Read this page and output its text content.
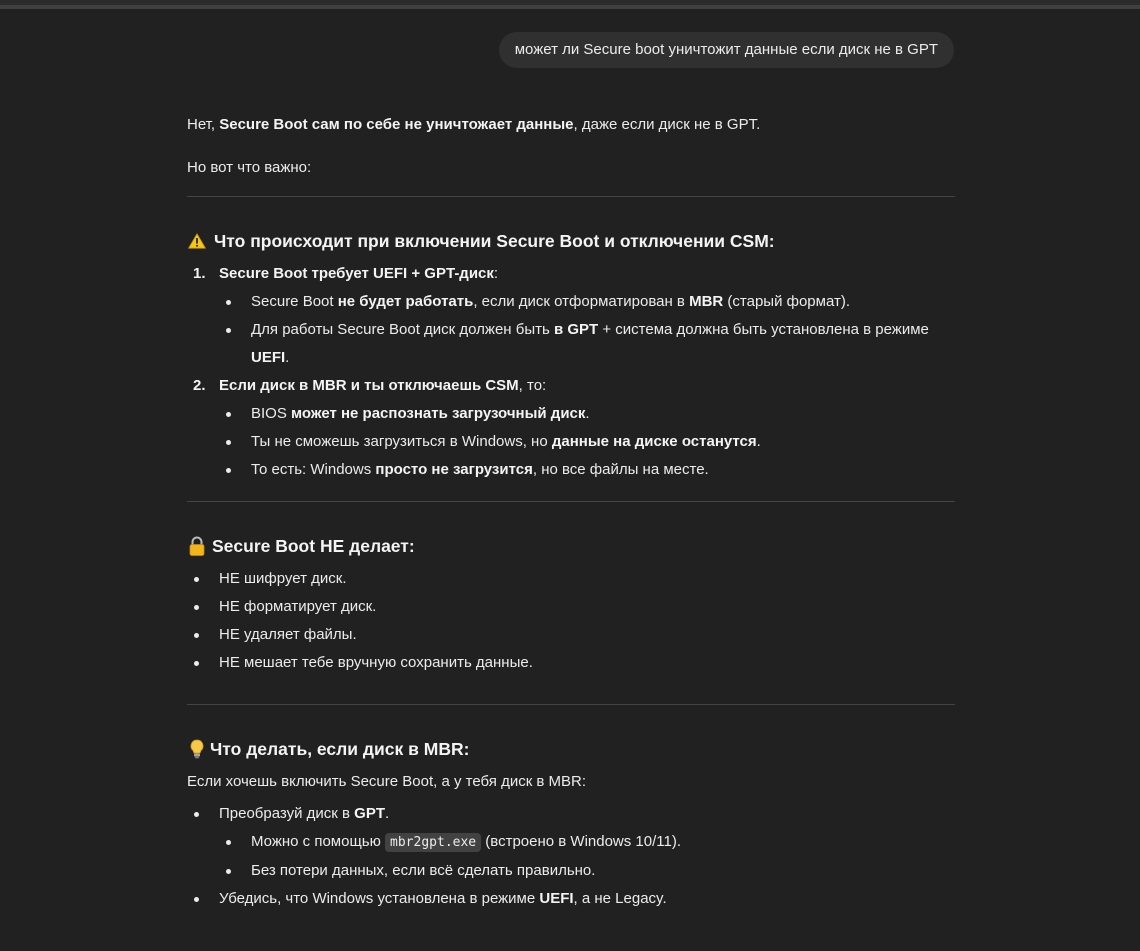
может ли Secure boot уничтожит данные если диск не в GPT

Нет, Secure Boot сам по себе не уничтожает данные, даже если диск не в GPT.

Но вот что важно:

Что происходит при включении Secure Boot и отключении CSM:
1. Secure Boot требует UEFI + GPT-диск:
Secure Boot не будет работать, если диск отформатирован в MBR (старый формат).
Для работы Secure Boot диск должен быть в GPT + система должна быть установлена в режиме UEFI.
2. Если диск в MBR и ты отключаешь CSM, то:
BIOS может не распознать загрузочный диск.
Ты не сможешь загрузиться в Windows, но данные на диске останутся.
То есть: Windows просто не загрузится, но все файлы на месте.
Secure Boot НЕ делает:
НЕ шифрует диск.
НЕ форматирует диск.
НЕ удаляет файлы.
НЕ мешает тебе вручную сохранить данные.
Что делать, если диск в MBR:

Если хочешь включить Secure Boot, а у тебя диск в MBR:

Преобразуй диск в GPT.
Можно с помощью mbr2gpt.exe (встроено в Windows 10/11).
Без потери данных, если всё сделать правильно.
Убедись, что Windows установлена в режиме UEFI, а не Legacy.
